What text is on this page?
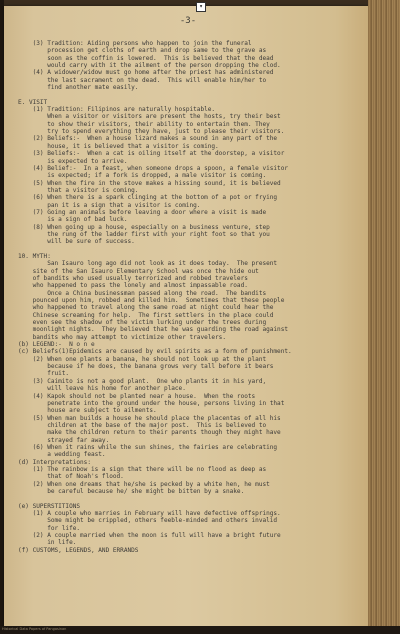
-3-
(3) Tradition: Aiding persons who happen to join the funeral
procession get cloths of earth and drop same to the grave as
soon as the coffin is lowered.  This is believed that the dead
would carry with it the ailment of the person dropping the clod.
(4) A widower/widow must go home after the priest has administered
the last sacrament on the dead.  This will enable him/her to
find another mate easily.
E. VISIT
(1) Tradition: Filipinos are naturally hospitable.
When a visitor or visitors are present the hosts, try their best
to show their visitors, their ability to entertain them. They
try to spend everything they have, just to please their visitors.
(2) Beliefs:-  When a house lizard makes a sound in any part of the
house, it is believed that a visitor is coming.
(3) Beliefs:-  When a cat is oiling itself at the doorstep, a visitor
is expected to arrive.
(4) Belief:-  In a feast, when someone drops a spoon, a female visitor
is expected; if a fork is dropped, a male visitor is coming.
(5) When the fire in the stove makes a hissing sound, it is believed
that a visitor is coming.
(6) When there is a spark clinging at the bottom of a pot or frying
pan it is a sign that a visitor is coming.
(7) Going an animals before leaving a door where a visit is made
is a sign of bad luck.
(8) When going up a house, especially on a business venture, step
the rung of the ladder first with your right foot so that you
will be sure of success.
10. MYTH:
San Isauro long ago did not look as it does today.  The present
site of the San Isauro Elementary School was once the hide out
of bandits who used usually terrorized and robbed travelers
who happened to pass the lonely and almost impassable road.
Once a China businessman passed along the road.  The bandits
pounced upon him, robbed and killed him.  Sometimes that these people
who happened to travel along the same road at night could hear the
Chinese screaming for help.  The first settlers in the place could
even see the shadow of the victim lurking under the trees during
moonlight nights.  They believed that he was guarding the road against
bandits who may attempt to victimize other travelers.
(b) LEGEND:-  N o n e
(c) Beliefs(1)Epidemics are caused by evil spirits as a form of punishment.
(2) When one plants a banana, he should not look up at the plant
because if he does, the banana grows very tall before it bears
fruit.
(3) Caimito is not a good plant.  One who plants it in his yard,
will leave his home for another place.
(4) Kapok should not be planted near a house.  When the roots
penetrate into the ground under the house, persons living in that
house are subject to ailments.
(5) When man builds a house he should place the placentas of all his
children at the base of the major post.  This is believed to
make the children return to their parents though they might have
strayed far away.
(6) When it rains while the sun shines, the fairies are celebrating
a wedding feast.
(d) Interpretations:
(1) The rainbow is a sign that there will be no flood as deep as
that of Noah's flood.
(2) When one dreams that he/she is pecked by a white hen, he must
be careful because he/ she might be bitten by a snake.
(e) SUPERSTITIONS
(1) A couple who marries in February will have defective offsprings.
Some might be crippled, others feeble-minded and others invalid
for life.
(2) A couple married when the moon is full will have a bright future
in life.
(f) CUSTOMS, LEGENDS, AND ERRANDS
▾
Historical Data Papers of Pangasinan
